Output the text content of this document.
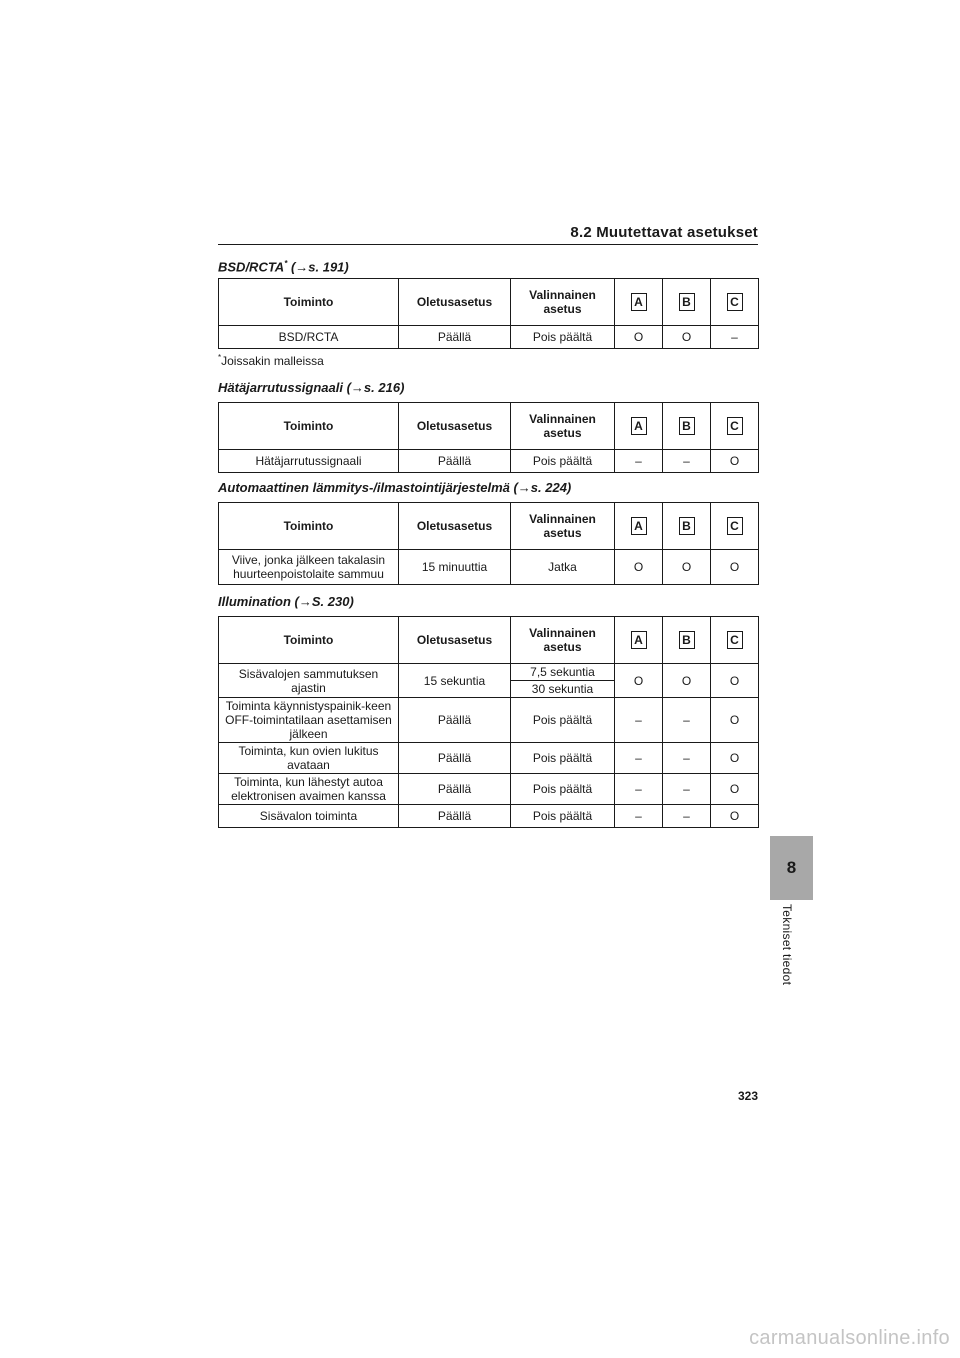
8.2 Muutettavat asetukset
BSD/RCTA* (→s. 191)
Toiminto	Oletusasetus	Valinnainen asetus	A	B	C
BSD/RCTA	Päällä	Pois päältä	O	O	–
*Joissakin malleissa
Hätäjarrutussignaali (→s. 216)
Toiminto	Oletusasetus	Valinnainen asetus	A	B	C
Hätäjarrutussignaali	Päällä	Pois päältä	–	–	O
Automaattinen lämmitys-/ilmastointijärjestelmä (→s. 224)
Toiminto	Oletusasetus	Valinnainen asetus	A	B	C
Viive, jonka jälkeen takalasin huurteenpoistolaite sammuu	15 minuuttia	Jatka	O	O	O
Illumination (→S. 230)
Toiminto	Oletusasetus	Valinnainen asetus	A	B	C
Sisävalojen sammutuksen ajastin	15 sekuntia	7,5 sekuntia	O	O	O
		30 sekuntia			
Toiminta käynnistyspainik-keen OFF-toimintatilaan asettamisen jälkeen	Päällä	Pois päältä	–	–	O
Toiminta, kun ovien lukitus avataan	Päällä	Pois päältä	–	–	O
Toiminta, kun lähestyt autoa elektronisen avaimen kanssa	Päällä	Pois päältä	–	–	O
Sisävalon toiminta	Päällä	Pois päältä	–	–	O
8
Tekniset tiedot
323
carmanualsonline.info
